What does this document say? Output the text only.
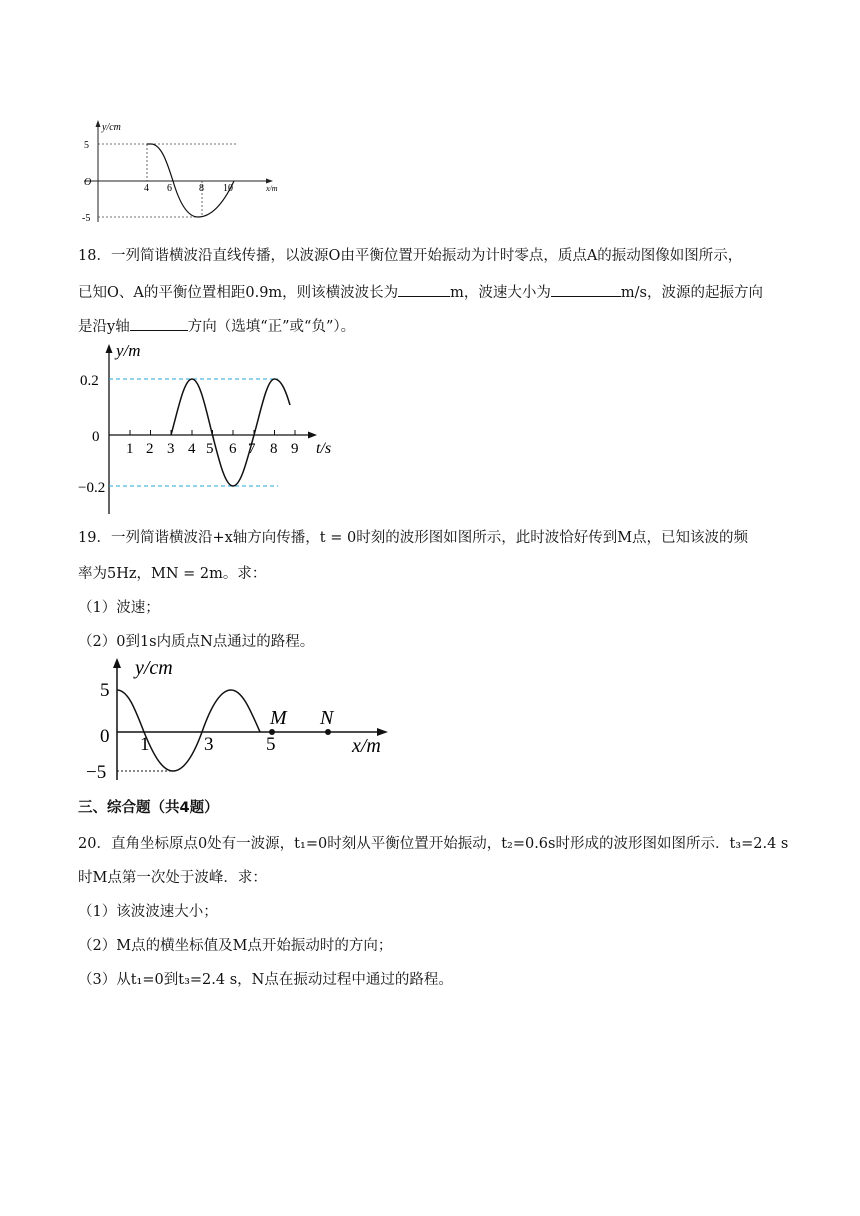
y/cm
5
O
-5
4 6	8 10	x/m
18．一列简谐横波沿直线传播，以波源O由平衡位置开始振动为计时零点，质点A的振动图像如图所示，
已知O、A的平衡位置相距0.9m，则该横波波长为	m，波速大小为	m/s，波源的起振方向
是沿y轴	方向（选填“正”或“负”）。
y/m
0.2
0
−0.2
1 2 3 4 5 6 7 8 9 t/s
19．一列简谐横波沿+x轴方向传播，t = 0时刻的波形图如图所示，此时波恰好传到M点，已知该波的频
率为5Hz，MN = 2m。求：
（1）波速；
（2）0到1s内质点N点通过的路程。
y/cm
5
0
−5
1	3	5
M N
x/m
三、综合题（共4题）
20．直角坐标原点0处有一波源，t₁=0时刻从平衡位置开始振动，t₂=0.6s时形成的波形图如图所示．t₃=2.4 s
时M点第一次处于波峰．求：
（1）该波波速大小；
（2）M点的横坐标值及M点开始振动时的方向；
（3）从t₁=0到t₃=2.4 s，N点在振动过程中通过的路程。
